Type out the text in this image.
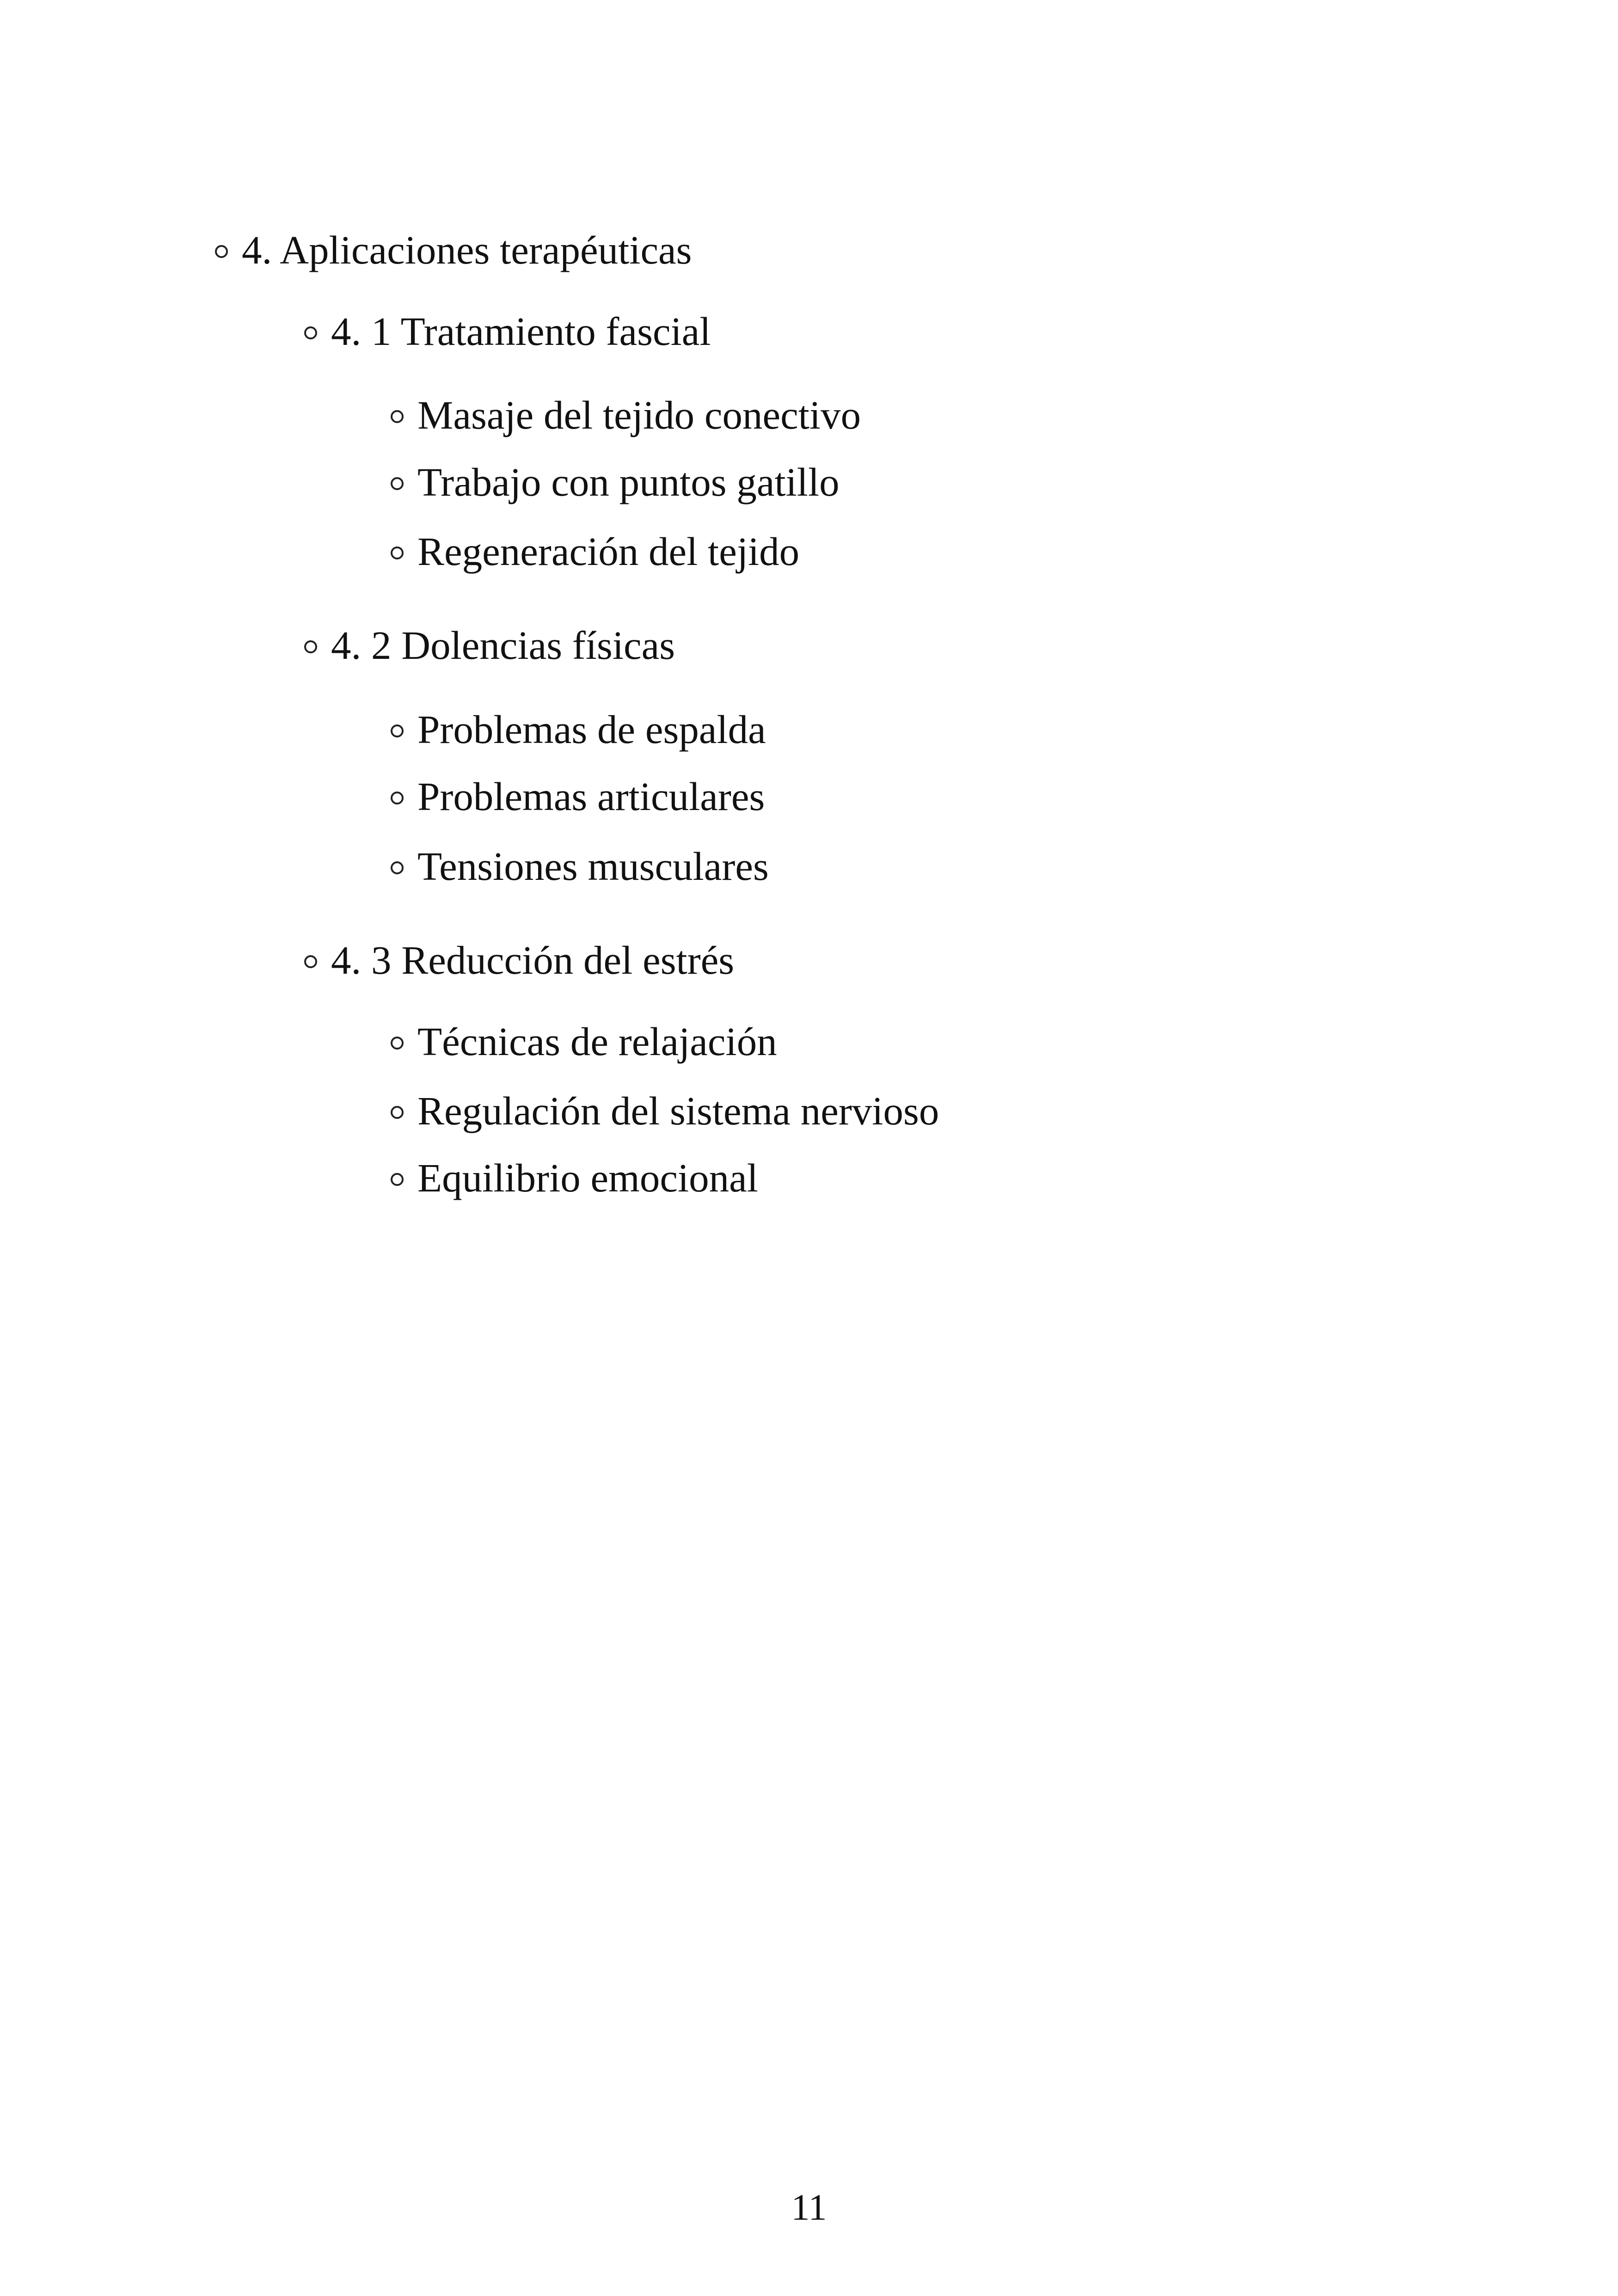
4. Aplicaciones terapéuticas
4. 1 Tratamiento fascial
Masaje del tejido conectivo
Trabajo con puntos gatillo
Regeneración del tejido
4. 2 Dolencias físicas
Problemas de espalda
Problemas articulares
Tensiones musculares
4. 3 Reducción del estrés
Técnicas de relajación
Regulación del sistema nervioso
Equilibrio emocional
11
